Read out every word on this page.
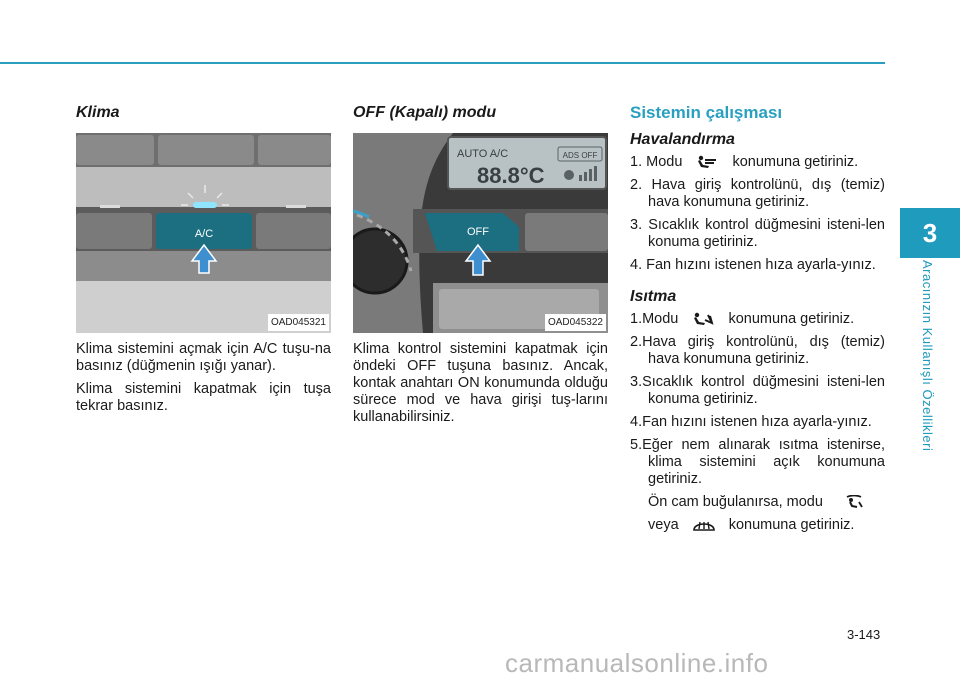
3
Aracınızın Kullanışlı Özellikleri
Klima
A/C
OAD045321

Klima sistemini açmak için A/C tuşu-na basınız (düğmenin ışığı yanar).

Klima sistemini kapatmak için tuşa tekrar basınız.

OFF (Kapalı) modu
AUTO A/C	ADS OFF
88.8°C
OFF
OAD045322

Klima kontrol sistemini kapatmak için öndeki OFF tuşuna basınız. Ancak, kontak anahtarı ON konumunda olduğu sürece mod ve hava girişi tuş-larını kullanabilirsiniz.

Sistemin çalışması
Havalandırma
1. Modu	konumuna getiriniz.
2. Hava giriş kontrolünü, dış (temiz) hava konumuna getiriniz.
3. Sıcaklık kontrol düğmesini isteni-len konuma getiriniz.
4. Fan hızını istenen hıza ayarla-yınız.
Isıtma
1.Modu	konumuna getiriniz.
2.Hava giriş kontrolünü, dış (temiz) hava konumuna getiriniz.
3.Sıcaklık kontrol düğmesini isteni-len konuma getiriniz.
4.Fan hızını istenen hıza ayarla-yınız.
5.Eğer nem alınarak ısıtma istenirse, klima sistemini açık konumuna getiriniz.

Ön cam buğulanırsa, modu

veya	konumuna getiriniz.

3-143
carmanualsonline.info
